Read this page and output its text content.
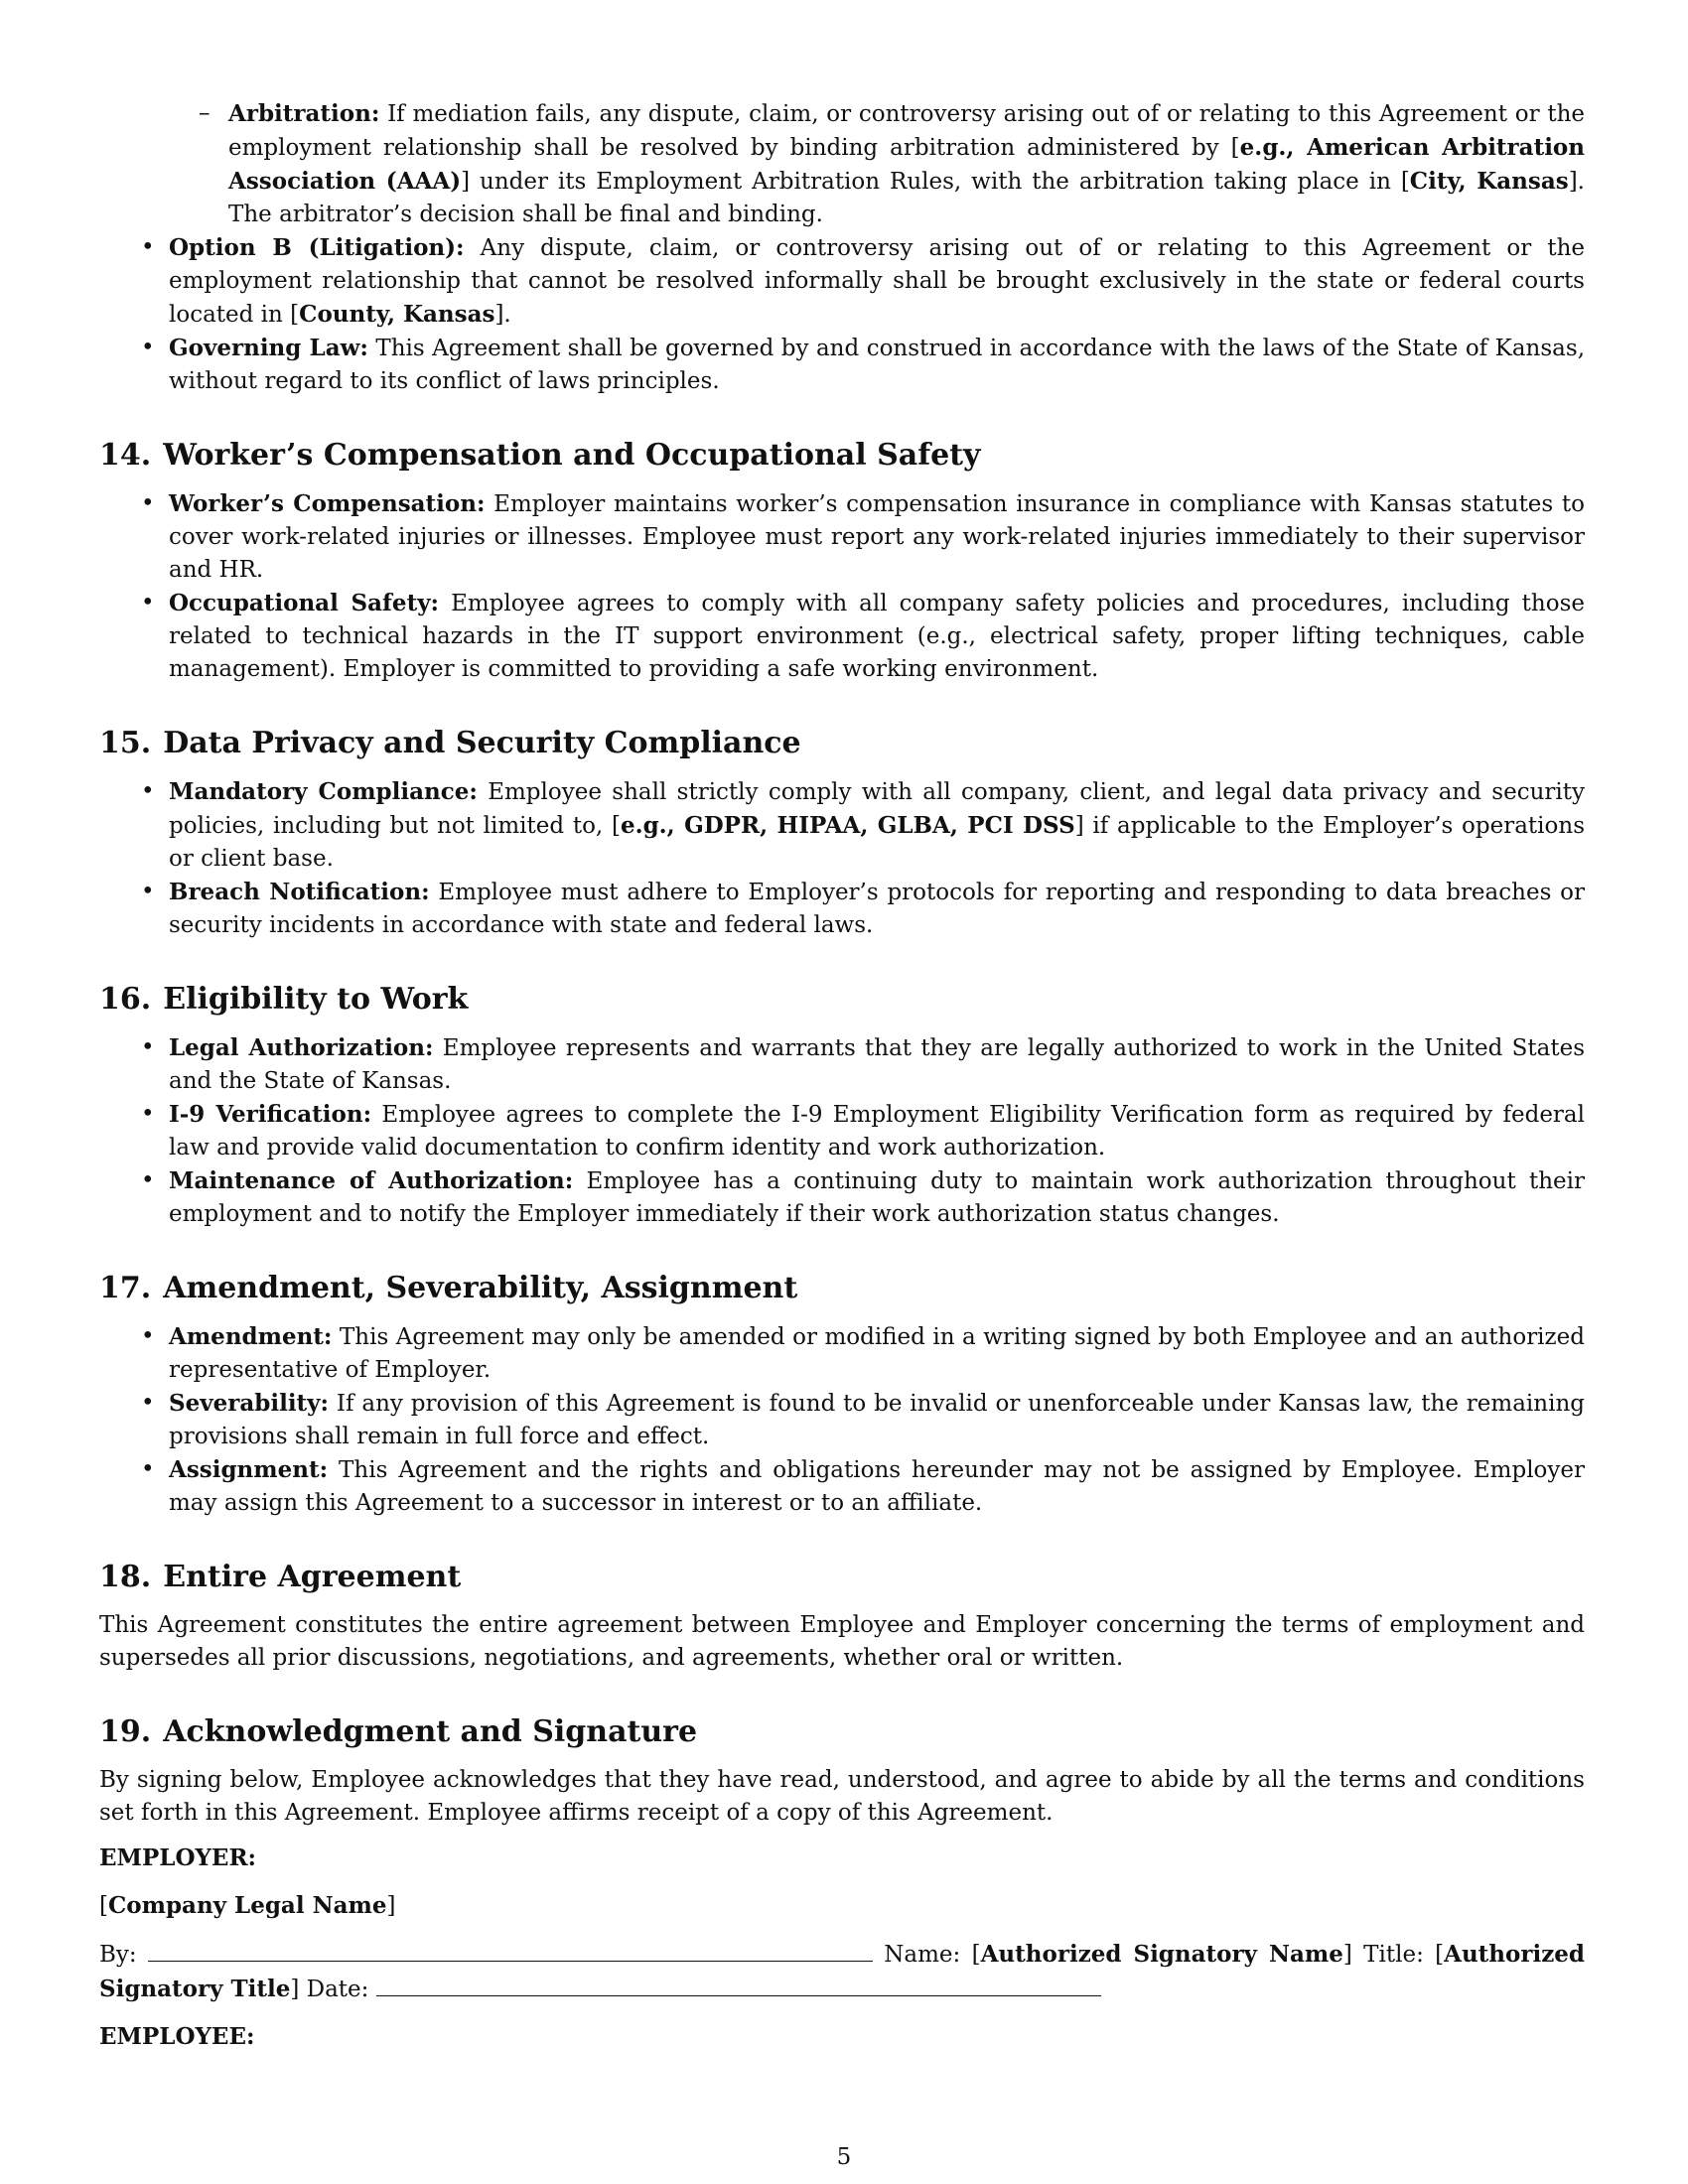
– Arbitration: If mediation fails, any dispute, claim, or controversy arising out of or relating to this Agreement or the employment relationship shall be resolved by binding arbitration administered by [e.g., American Arbitration Association (AAA)] under its Employment Arbitration Rules, with the arbitration taking place in [City, Kansas]. The arbitrator’s decision shall be final and binding.
• Option B (Litigation): Any dispute, claim, or controversy arising out of or relating to this Agreement or the employment relationship that cannot be resolved informally shall be brought exclusively in the state or federal courts located in [County, Kansas].
• Governing Law: This Agreement shall be governed by and construed in accordance with the laws of the State of Kansas, without regard to its conflict of laws principles.
14. Worker’s Compensation and Occupational Safety
• Worker’s Compensation: Employer maintains worker’s compensation insurance in compliance with Kansas statutes to cover work-related injuries or illnesses. Employee must report any work-related injuries immediately to their supervisor and HR.
• Occupational Safety: Employee agrees to comply with all company safety policies and procedures, including those related to technical hazards in the IT support environment (e.g., electrical safety, proper lifting techniques, cable management). Employer is committed to providing a safe working environment.
15. Data Privacy and Security Compliance
• Mandatory Compliance: Employee shall strictly comply with all company, client, and legal data privacy and security policies, including but not limited to, [e.g., GDPR, HIPAA, GLBA, PCI DSS] if applicable to the Employer’s operations or client base.
• Breach Notification: Employee must adhere to Employer’s protocols for reporting and responding to data breaches or security incidents in accordance with state and federal laws.
16. Eligibility to Work
• Legal Authorization: Employee represents and warrants that they are legally authorized to work in the United States and the State of Kansas.
• I-9 Verification: Employee agrees to complete the I-9 Employment Eligibility Verification form as required by federal law and provide valid documentation to confirm identity and work authorization.
• Maintenance of Authorization: Employee has a continuing duty to maintain work authorization throughout their employment and to notify the Employer immediately if their work authorization status changes.
17. Amendment, Severability, Assignment
• Amendment: This Agreement may only be amended or modified in a writing signed by both Employee and an authorized representative of Employer.
• Severability: If any provision of this Agreement is found to be invalid or unenforceable under Kansas law, the remaining provisions shall remain in full force and effect.
• Assignment: This Agreement and the rights and obligations hereunder may not be assigned by Employee. Employer may assign this Agreement to a successor in interest or to an affiliate.
18. Entire Agreement

This Agreement constitutes the entire agreement between Employee and Employer concerning the terms of employment and supersedes all prior discussions, negotiations, and agreements, whether oral or written.

19. Acknowledgment and Signature

By signing below, Employee acknowledges that they have read, understood, and agree to abide by all the terms and conditions set forth in this Agreement. Employee affirms receipt of a copy of this Agreement.

EMPLOYER:

[Company Legal Name]

By:	Name: [Authorized Signatory Name] Title: [Authorized Signatory Title] Date:

EMPLOYEE:

5
